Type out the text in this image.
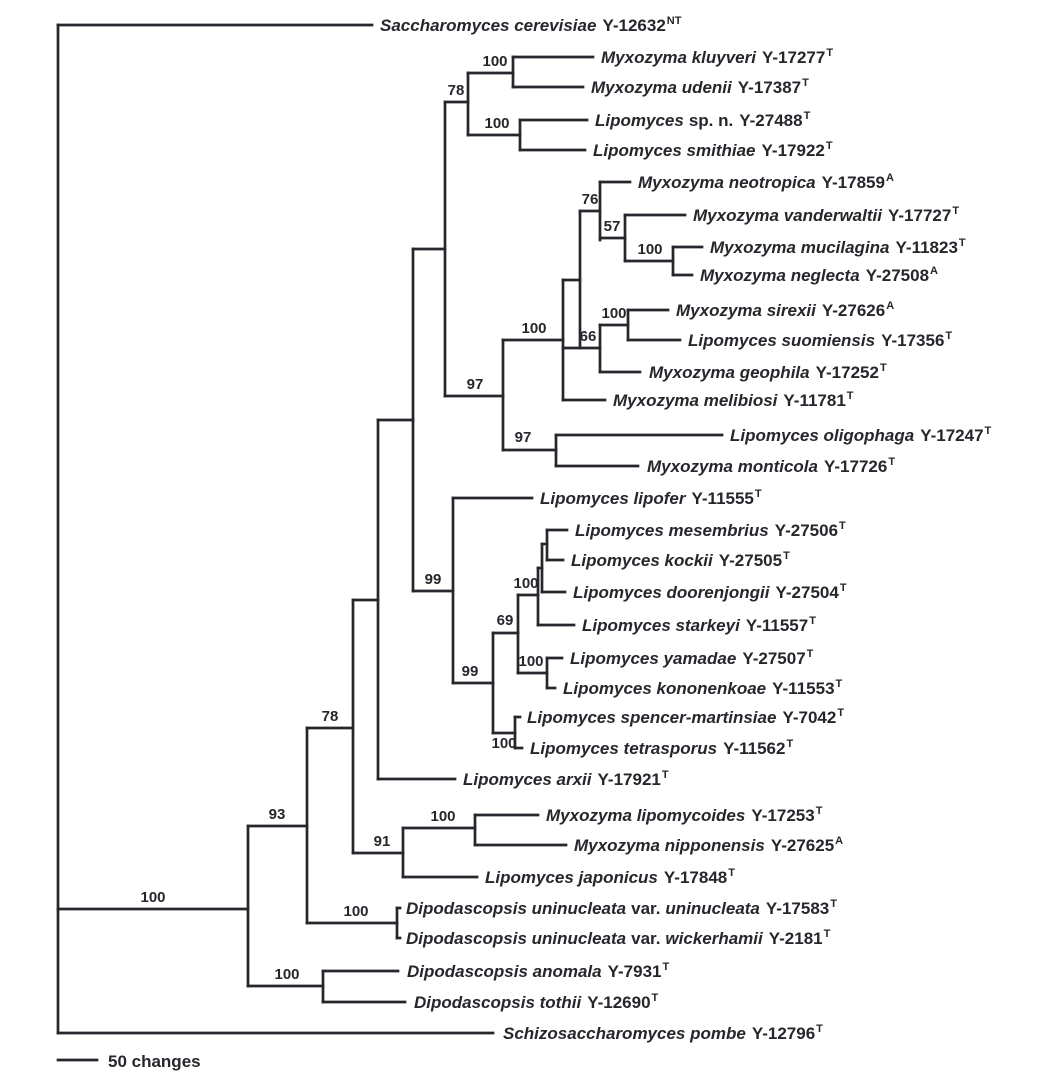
100
93
78
78
100
100
97
100
76
57
100
66
100
97
99
99
69
100
100
100
91
100
100
100
Saccharomyces cerevisiae $Y-12632^{NT}$
Myxozyma kluyveri $Y-17277^T$
Myxozyma udenii $Y-17387^T$
Lipomyces sp. n. $Y-27488^T$
Lipomyces smithiae $Y-17922^T$
Myxozyma neotropica $Y-17859^A$
Myxozyma vanderwaltii $Y-17727^T$
Myxozyma mucilagina $Y-11823^T$
Myxozyma neglecta $Y-27508^A$
Myxozyma sirexii $Y-27626^A$
Lipomyces suomiensis $Y-17356^T$
Myxozyma geophila $Y-17252^T$
Myxozyma melibiosi $Y-11781^T$
Lipomyces oligophaga $Y-17247^T$
Myxozyma monticola $Y-17726^T$
Lipomyces lipofer $Y-11555^T$
Lipomyces mesembrius $Y-27506^T$
Lipomyces kockii $Y-27505^T$
Lipomyces doorenjongii $Y-27504^T$
Lipomyces starkeyi $Y-11557^T$
Lipomyces yamadae $Y-27507^T$
Lipomyces kononenkoae $Y-11553^T$
Lipomyces spencer-martinsiae $Y-7042^T$
Lipomyces tetrasporus $Y-11562^T$
Lipomyces arxii $Y-17921^T$
Myxozyma lipomycoides $Y-17253^T$
Myxozyma nipponensis $Y-27625^A$
Lipomyces japonicus $Y-17848^T$
Dipodascopsis uninucleata var. uninucleata $Y-17583^T$
Dipodascopsis uninucleata var. wickerhamii $Y-2181^T$
Dipodascopsis anomala $Y-7931^T$
Dipodascopsis tothii $Y-12690^T$
Schizosaccharomyces pombe $Y-12796^T$
50 changes
